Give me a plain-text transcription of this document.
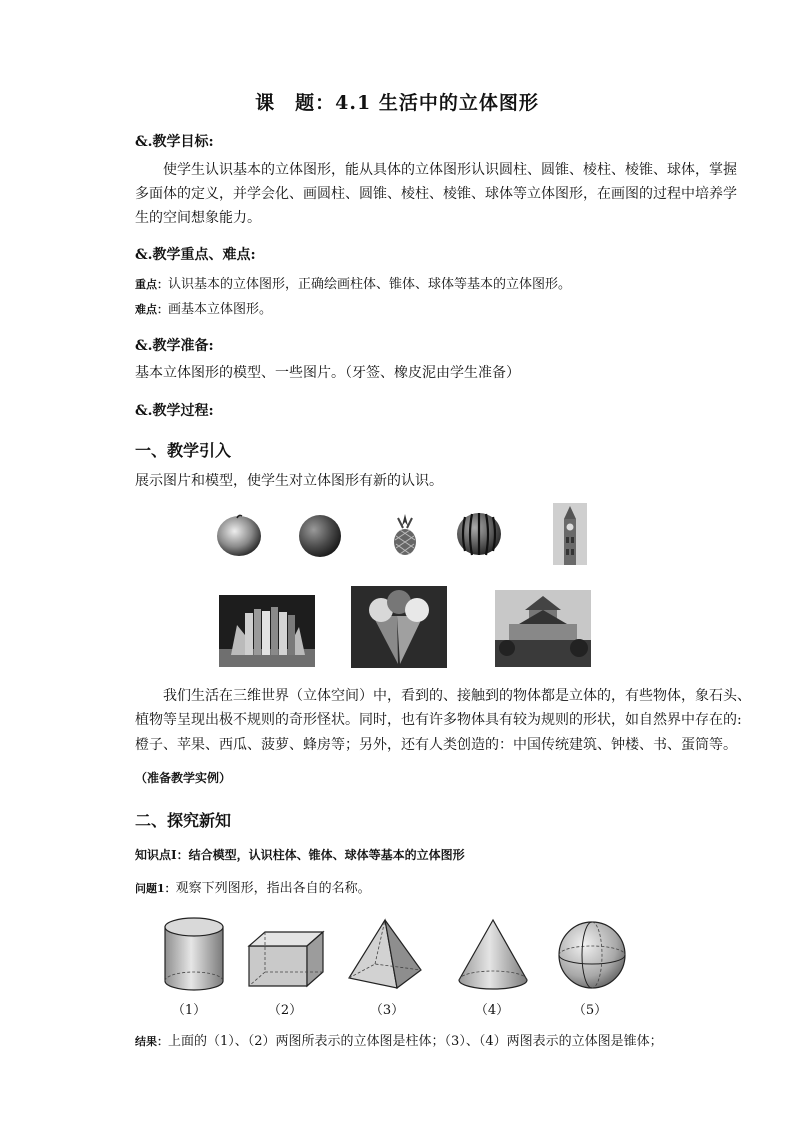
课　题：4.1 生活中的立体图形
&.教学目标:
使学生认识基本的立体图形，能从具体的立体图形认识圆柱、圆锥、棱柱、棱锥、球体，掌握
多面体的定义，并学会化、画圆柱、圆锥、棱柱、棱锥、球体等立体图形，在画图的过程中培养学
生的空间想象能力。
&.教学重点、难点:
重点：认识基本的立体图形，正确绘画柱体、锥体、球体等基本的立体图形。
难点：画基本立体图形。
&.教学准备:
基本立体图形的模型、一些图片。（牙签、橡皮泥由学生准备）
&.教学过程:
一、教学引入
展示图片和模型，使学生对立体图形有新的认识。
我们生活在三维世界（立体空间）中，看到的、接触到的物体都是立体的，有些物体，象石头、
植物等呈现出极不规则的奇形怪状。同时，也有许多物体具有较为规则的形状，如自然界中存在的:
橙子、苹果、西瓜、菠萝、蜂房等；另外，还有人类创造的：中国传统建筑、钟楼、书、蛋筒等。
（准备教学实例）
二、探究新知
知识点Ⅰ：结合模型，认识柱体、锥体、球体等基本的立体图形
问题1：观察下列图形，指出各自的名称。
（1）	（2）	（3）	（4）	（5）
结果：上面的（1）、（2）两图所表示的立体图是柱体；（3）、（4）两图表示的立体图是锥体；
